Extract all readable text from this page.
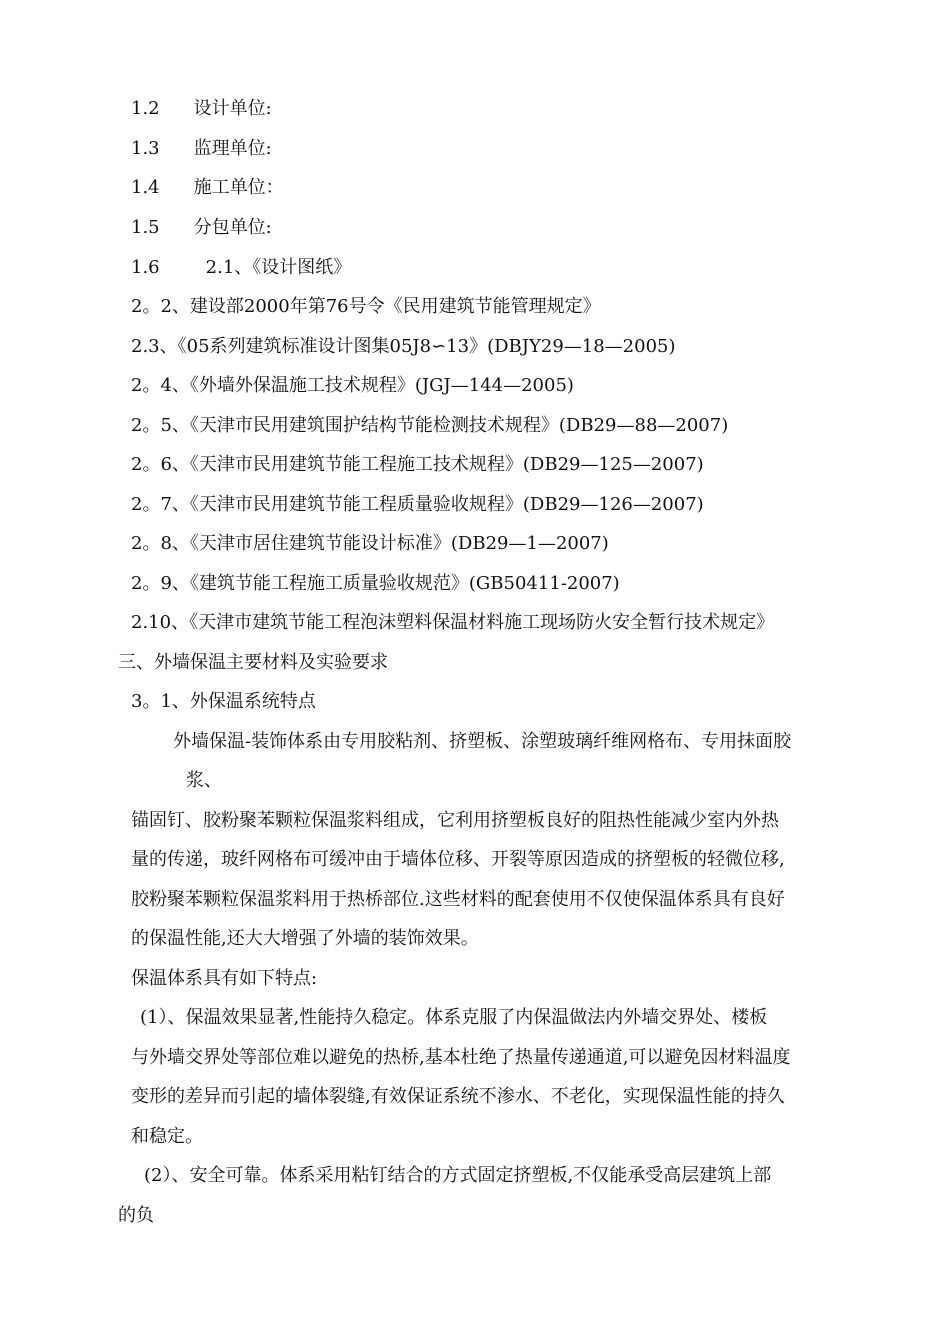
1.2 设计单位:
1.3 监理单位:
1.4 施工单位：
1.5 分包单位:
1.6	2.1、《设计图纸》
2。2、建设部2000年第76号令《民用建筑节能管理规定》
2.3、《05系列建筑标准设计图集05J8∽13》(DBJY29—18—2005)
2。4、《外墙外保温施工技术规程》(JGJ—144—2005)
2。5、《天津市民用建筑围护结构节能检测技术规程》(DB29—88—2007)
2。6、《天津市民用建筑节能工程施工技术规程》(DB29—125—2007)
2。7、《天津市民用建筑节能工程质量验收规程》(DB29—126—2007)
2。8、《天津市居住建筑节能设计标准》(DB29—1—2007)
2。9、《建筑节能工程施工质量验收规范》(GB50411-2007)
2.10、《天津市建筑节能工程泡沫塑料保温材料施工现场防火安全暂行技术规定》
三、外墙保温主要材料及实验要求
3。1、外保温系统特点
外墙保温-装饰体系由专用胶粘剂、挤塑板、涂塑玻璃纤维网格布、专用抹面胶
浆、
锚固钉、胶粉聚苯颗粒保温浆料组成，它利用挤塑板良好的阻热性能减少室内外热
量的传递，玻纤网格布可缓冲由于墙体位移、开裂等原因造成的挤塑板的轻微位移,
胶粉聚苯颗粒保温浆料用于热桥部位.这些材料的配套使用不仅使保温体系具有良好
的保温性能,还大大增强了外墙的装饰效果。
保温体系具有如下特点:
(1）、保温效果显著,性能持久稳定。体系克服了内保温做法内外墙交界处、楼板
与外墙交界处等部位难以避免的热桥,基本杜绝了热量传递通道,可以避免因材料温度
变形的差异而引起的墙体裂缝,有效保证系统不渗水、不老化，实现保温性能的持久
和稳定。
(2）、安全可靠。体系采用粘钉结合的方式固定挤塑板,不仅能承受高层建筑上部
的负
